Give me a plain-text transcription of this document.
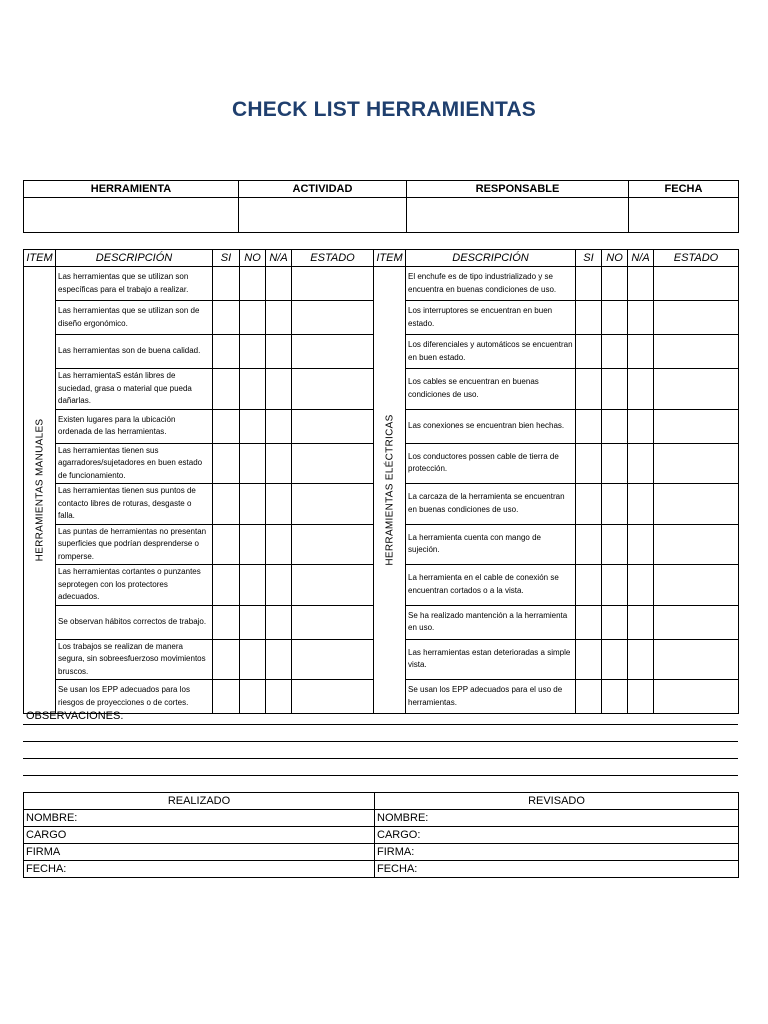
CHECK LIST HERRAMIENTAS
HERRAMIENTA	ACTIVIDAD	RESPONSABLE	FECHA

ITEM	DESCRIPCIÓN	SI	NO	N/A	ESTADO	ITEM	DESCRIPCIÓN	SI	NO	N/A	ESTADO

HERRAMIENTAS MANUALES	Las herramientas que se utilizan son específicas para el trabajo a realizar.					HERRAMIENTAS ELÉCTRICAS	El enchufe es de tipo industrializado y se encuentra en buenas condiciones de uso.				
	Las herramientas que se utilizan son de diseño ergonómico.						Los interruptores se encuentran en buen estado.				
	Las herramientas son de buena calidad.						Los diferenciales y automáticos se encuentran en buen estado.				
	Las herramientaS están libres de suciedad, grasa o material que pueda dañarlas.						Los cables se encuentran en buenas condiciones de uso.				
	Existen lugares para la ubicación ordenada de las herramientas.						Las conexiones se encuentran bien hechas.				
	Las herramientas tienen sus agarradores/sujetadores en buen estado de funcionamiento.						Los conductores possen cable de tierra de protección.				
	Las herramientas tienen sus puntos de contacto libres de roturas, desgaste o falla.						La carcaza de la herramienta se encuentran en buenas condiciones de uso.				
	Las puntas de herramientas no presentan superficies que podrían desprenderse o romperse.						La herramienta cuenta con mango de sujeción.				
	Las herramientas cortantes o punzantes seprotegen con los protectores adecuados.						La herramienta en el cable de conexión se encuentran cortados o a la vista.				
	Se observan hábitos correctos de trabajo.						Se ha realizado mantención a la herramienta en uso.				
	Los trabajos se realizan de manera segura, sin sobreesfuerzoso movimientos bruscos.						Las herramientas estan deterioradas a simple vista.				
	Se usan los EPP adecuados para los riesgos de proyecciones o de cortes.						Se usan los EPP adecuados para el uso de herramientas.				
OBSERVACIONES:
REALIZADO	REVISADO
NOMBRE:	NOMBRE:
CARGO	CARGO:
FIRMA	FIRMA:
FECHA:	FECHA:
